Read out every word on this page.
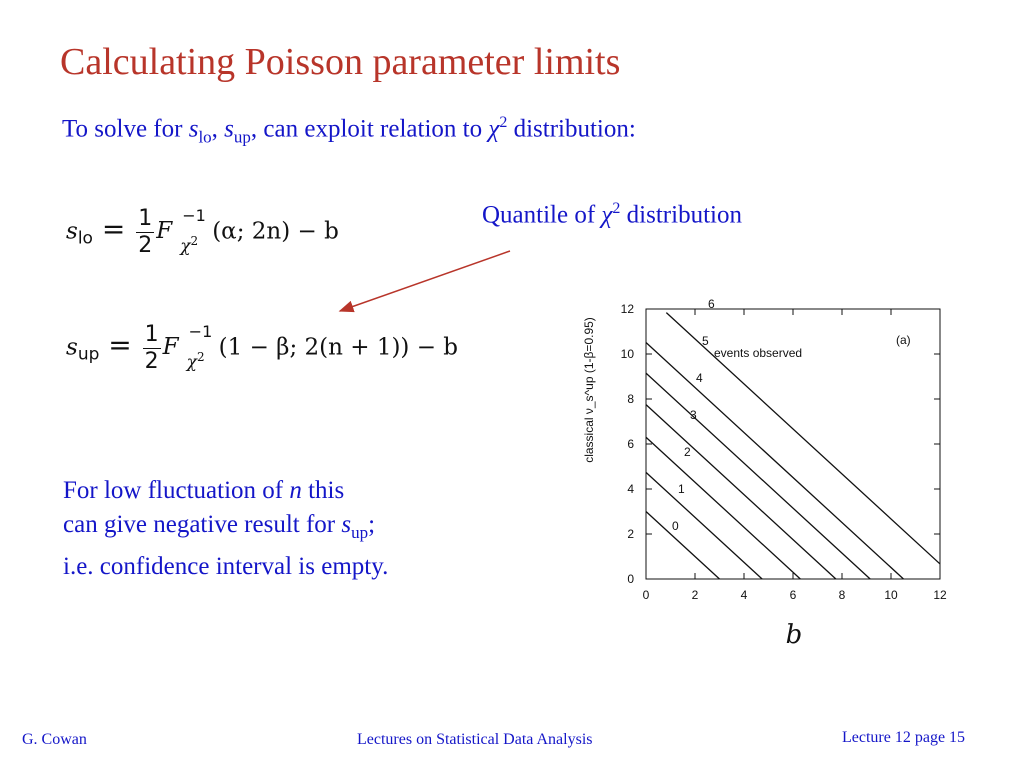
Calculating Poisson parameter limits
To solve for $s_{lo}$, $s_{up}$, can exploit relation to $\chi^2$ distribution:
Quantile of $\chi^2$ distribution
$s_{lo} = \frac{1}{2}$ F
−1
$\chi^2$ (α; 2n) − b
$s_{up} = \frac{1}{2}$ F
−1
$\chi^2$ (1 − β; 2(n + 1)) − b
For low fluctuation of n this
can give negative result for $s_{up}$;
i.e. confidence interval is empty.
0	2	4	6	8	10	12
0
2
4
6
8
10
12
0
1
2
3
4
5
6
events observed
(a)
classical ν_s^up (1-β=0.95)
b
G. Cowan	Lectures on Statistical Data Analysis	Lecture 12 page 15
